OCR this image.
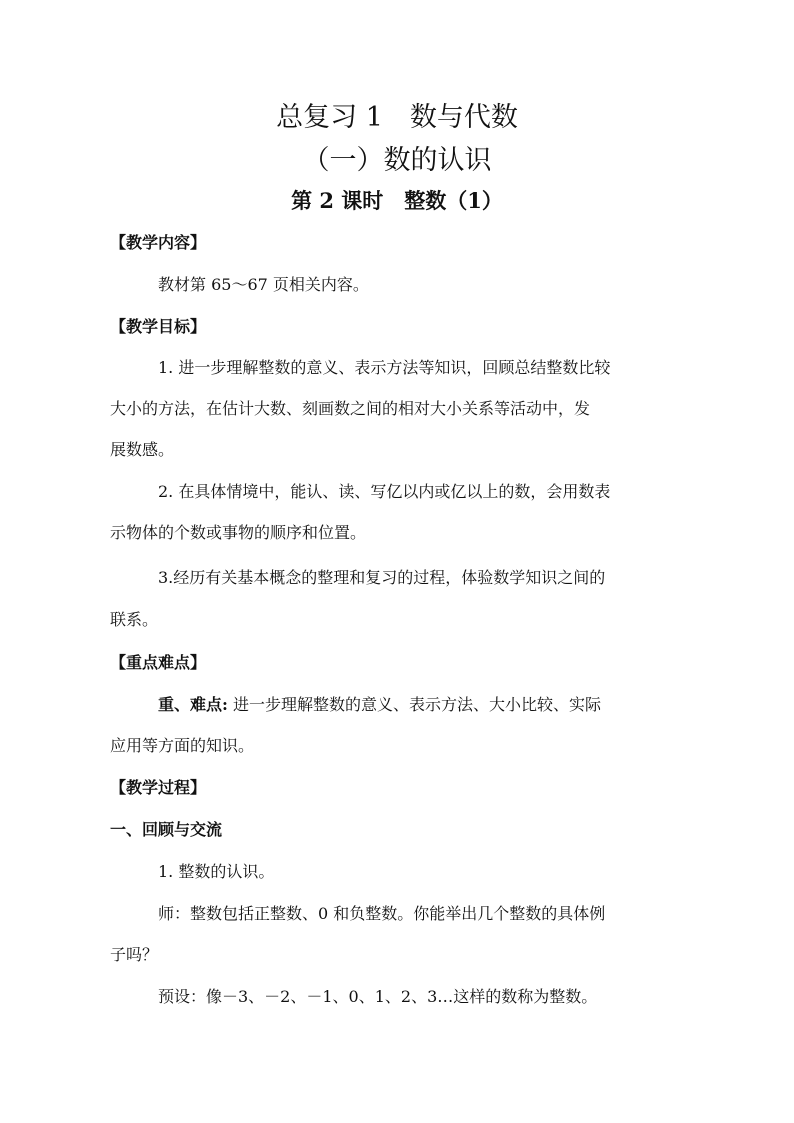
总复习 1　数与代数
（一）数的认识
第 2 课时　整数（1）
【教学内容】
教材第 65～67 页相关内容。
【教学目标】
1. 进一步理解整数的意义、表示方法等知识，回顾总结整数比较
大小的方法，在估计大数、刻画数之间的相对大小关系等活动中，发
展数感。
2. 在具体情境中，能认、读、写亿以内或亿以上的数，会用数表
示物体的个数或事物的顺序和位置。
3.经历有关基本概念的整理和复习的过程，体验数学知识之间的
联系。
【重点难点】
重、难点: 进一步理解整数的意义、表示方法、大小比较、实际
应用等方面的知识。
【教学过程】
一、回顾与交流
1. 整数的认识。
师：整数包括正整数、0 和负整数。你能举出几个整数的具体例
子吗？
预设：像－3、－2、－1、0、1、2、3…这样的数称为整数。
